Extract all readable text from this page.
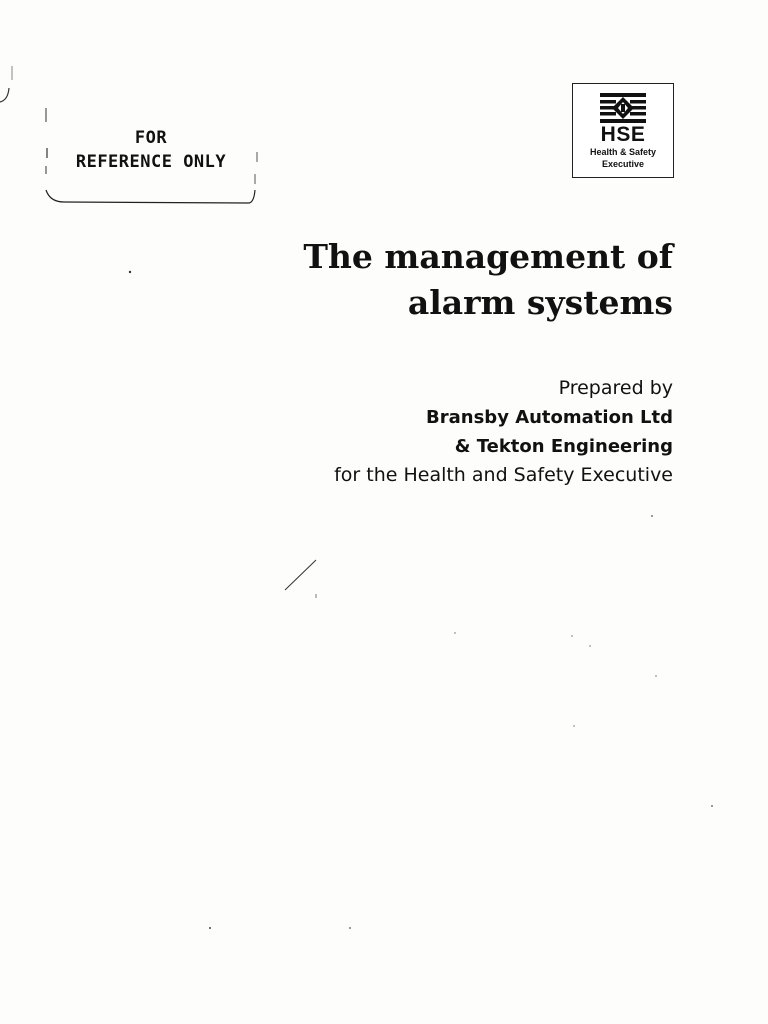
FOR
REFERENCE ONLY
HSE
Health & Safety
Executive
The management of
alarm systems
Prepared by
Bransby Automation Ltd
& Tekton Engineering
for the Health and Safety Executive
